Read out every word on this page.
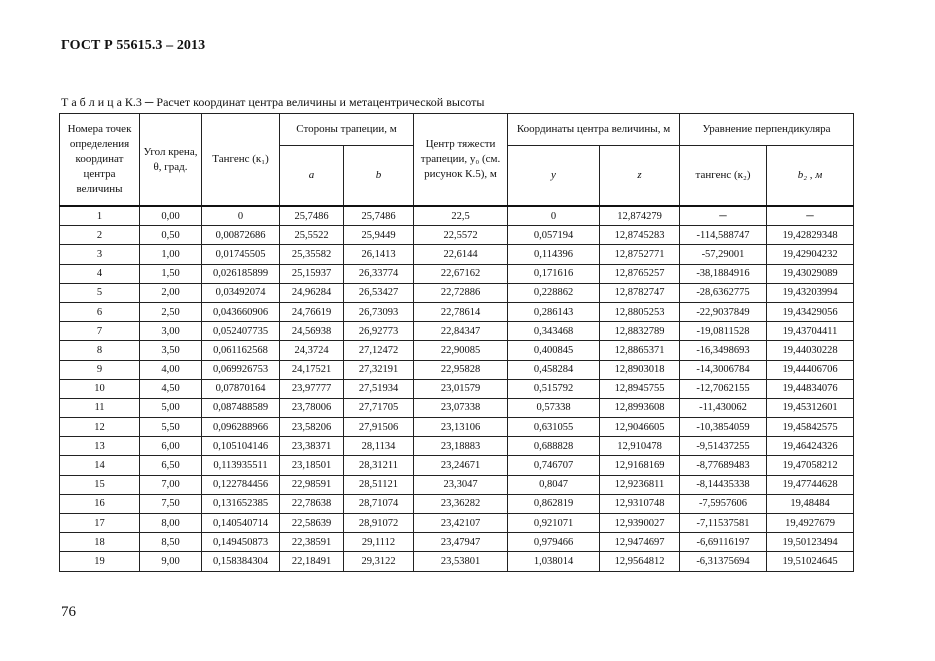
ГОСТ Р 55615.3 – 2013
Т а б л и ц а К.3 ─ Расчет координат центра величины и метацентрической высоты
Номера точек определения координат центра величины	Угол крена, θ, град.	Тангенс (к₁)	Стороны трапеции, м		Центр тяжести трапеции, y₀ (см. рисунок К.5), м	Координаты центра величины, м		Уравнение перпендикуляра	
			a	b		y	z	тангенс (к₂)	b₂ , м
1	0,00	0	25,7486	25,7486	22,5	0	12,874279	─	─
2	0,50	0,00872686	25,5522	25,9449	22,5572	0,057194	12,8745283	-114,588747	19,42829348
3	1,00	0,01745505	25,35582	26,1413	22,6144	0,114396	12,8752771	-57,29001	19,42904232
4	1,50	0,026185899	25,15937	26,33774	22,67162	0,171616	12,8765257	-38,1884916	19,43029089
5	2,00	0,03492074	24,96284	26,53427	22,72886	0,228862	12,8782747	-28,6362775	19,43203994
6	2,50	0,043660906	24,76619	26,73093	22,78614	0,286143	12,8805253	-22,9037849	19,43429056
7	3,00	0,052407735	24,56938	26,92773	22,84347	0,343468	12,8832789	-19,0811528	19,43704411
8	3,50	0,061162568	24,3724	27,12472	22,90085	0,400845	12,8865371	-16,3498693	19,44030228
9	4,00	0,069926753	24,17521	27,32191	22,95828	0,458284	12,8903018	-14,3006784	19,44406706
10	4,50	0,07870164	23,97777	27,51934	23,01579	0,515792	12,8945755	-12,7062155	19,44834076
11	5,00	0,087488589	23,78006	27,71705	23,07338	0,57338	12,8993608	-11,430062	19,45312601
12	5,50	0,096288966	23,58206	27,91506	23,13106	0,631055	12,9046605	-10,3854059	19,45842575
13	6,00	0,105104146	23,38371	28,1134	23,18883	0,688828	12,910478	-9,51437255	19,46424326
14	6,50	0,113935511	23,18501	28,31211	23,24671	0,746707	12,9168169	-8,77689483	19,47058212
15	7,00	0,122784456	22,98591	28,51121	23,3047	0,8047	12,9236811	-8,14435338	19,47744628
16	7,50	0,131652385	22,78638	28,71074	23,36282	0,862819	12,9310748	-7,5957606	19,48484
17	8,00	0,140540714	22,58639	28,91072	23,42107	0,921071	12,9390027	-7,11537581	19,4927679
18	8,50	0,149450873	22,38591	29,1112	23,47947	0,979466	12,9474697	-6,69116197	19,50123494
19	9,00	0,158384304	22,18491	29,3122	23,53801	1,038014	12,9564812	-6,31375694	19,51024645
76
